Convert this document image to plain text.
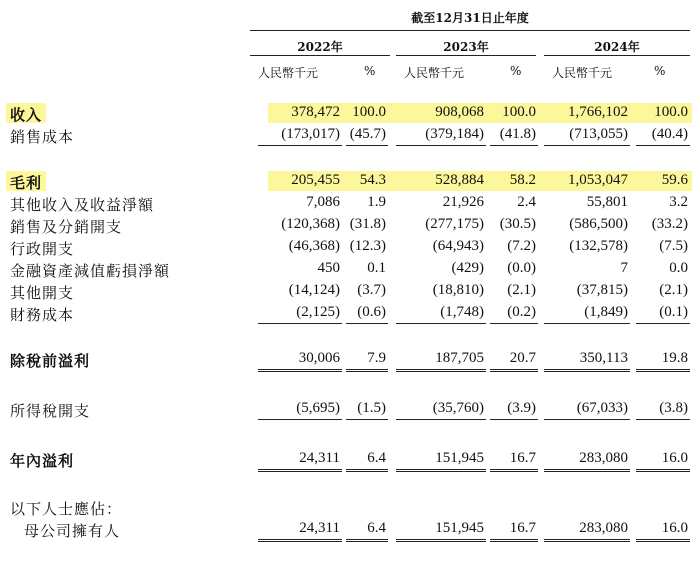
截至12月31日止年度
2022年	2023年	2024年
人民幣千元	% 人民幣千元	%	人民幣千元	%
收入	378,472 100.0	908,068	100.0	1,766,102	100.0
銷售成本	(173,017) (45.7)	(379,184)	(41.8)	(713,055)	(40.4)
毛利	205,455	54.3	528,884	58.2	1,053,047	59.6
其他收入及收益淨額	7,086	1.9	21,926	2.4	55,801	3.2
銷售及分銷開支	(120,368) (31.8)	(277,175)	(30.5)	(586,500)	(33.2)
行政開支	(46,368) (12.3)	(64,943)	(7.2)	(132,578)	(7.5)
金融資產減值虧損淨額	450	0.1	(429)	(0.0)	7	0.0
其他開支	(14,124)	(3.7)	(18,810)	(2.1)	(37,815)	(2.1)
財務成本	(2,125)	(0.6)	(1,748)	(0.2)	(1,849)	(0.1)
除稅前溢利	30,006	7.9	187,705	20.7	350,113	19.8
所得稅開支	(5,695)	(1.5)	(35,760)	(3.9)	(67,033)	(3.8)
年內溢利	24,311	6.4	151,945	16.7	283,080	16.0
以下人士應佔：
母公司擁有人	24,311	6.4	151,945	16.7	283,080	16.0
